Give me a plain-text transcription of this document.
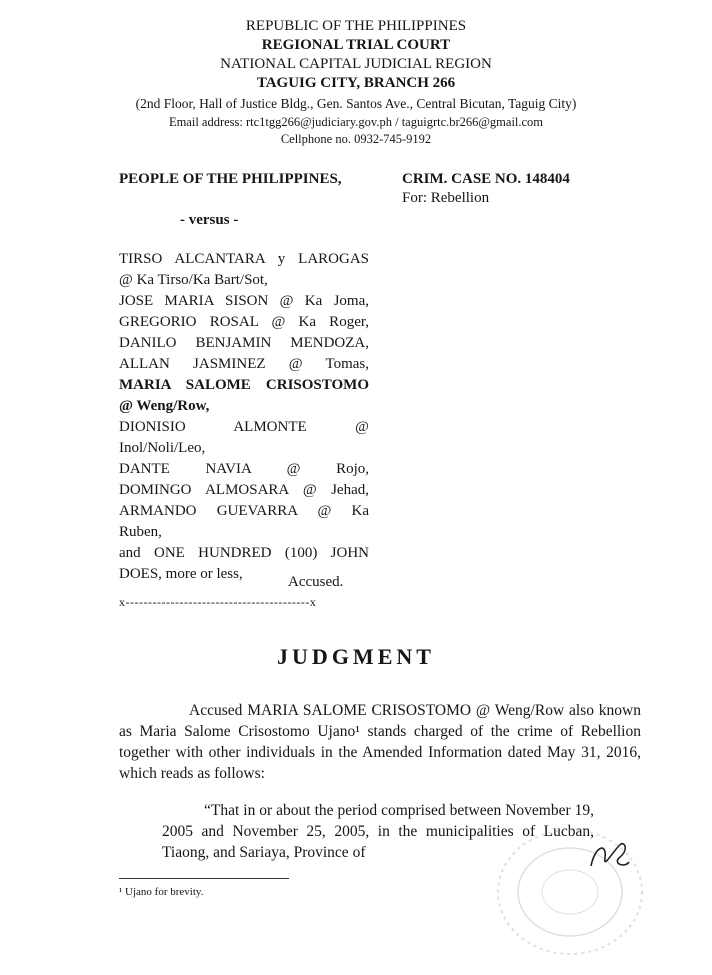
REPUBLIC OF THE PHILIPPINES
REGIONAL TRIAL COURT
NATIONAL CAPITAL JUDICIAL REGION
TAGUIG CITY, BRANCH 266
(2nd Floor, Hall of Justice Bldg., Gen. Santos Ave., Central Bicutan, Taguig City)
Email address: rtc1tgg266@judiciary.gov.ph / taguigrtc.br266@gmail.com
Cellphone no. 0932-745-9192
PEOPLE OF THE PHILIPPINES,	CRIM. CASE NO. 148404
For: Rebellion
- versus -
TIRSO ALCANTARA y LAROGAS
@ Ka Tirso/Ka Bart/Sot,
JOSE MARIA SISON @ Ka Joma,
GREGORIO ROSAL @ Ka Roger,
DANILO BENJAMIN MENDOZA,
ALLAN JASMINEZ @ Tomas,
MARIA SALOME CRISOSTOMO
@ Weng/Row,
DIONISIO ALMONTE @
Inol/Noli/Leo,
DANTE NAVIA @ Rojo,
DOMINGO ALMOSARA @ Jehad,
ARMANDO GUEVARRA @ Ka
Ruben,
and ONE HUNDRED (100) JOHN
DOES, more or less,	Accused.
x-----------------------------------------x
JUDGMENT
Accused MARIA SALOME CRISOSTOMO @ Weng/Row also known as Maria Salome Crisostomo Ujano¹ stands charged of the crime of Rebellion together with other individuals in the Amended Information dated May 31, 2016, which reads as follows:
“That in or about the period comprised between November 19, 2005 and November 25, 2005, in the municipalities of Lucban, Tiaong, and Sariaya, Province of
¹ Ujano for brevity.
